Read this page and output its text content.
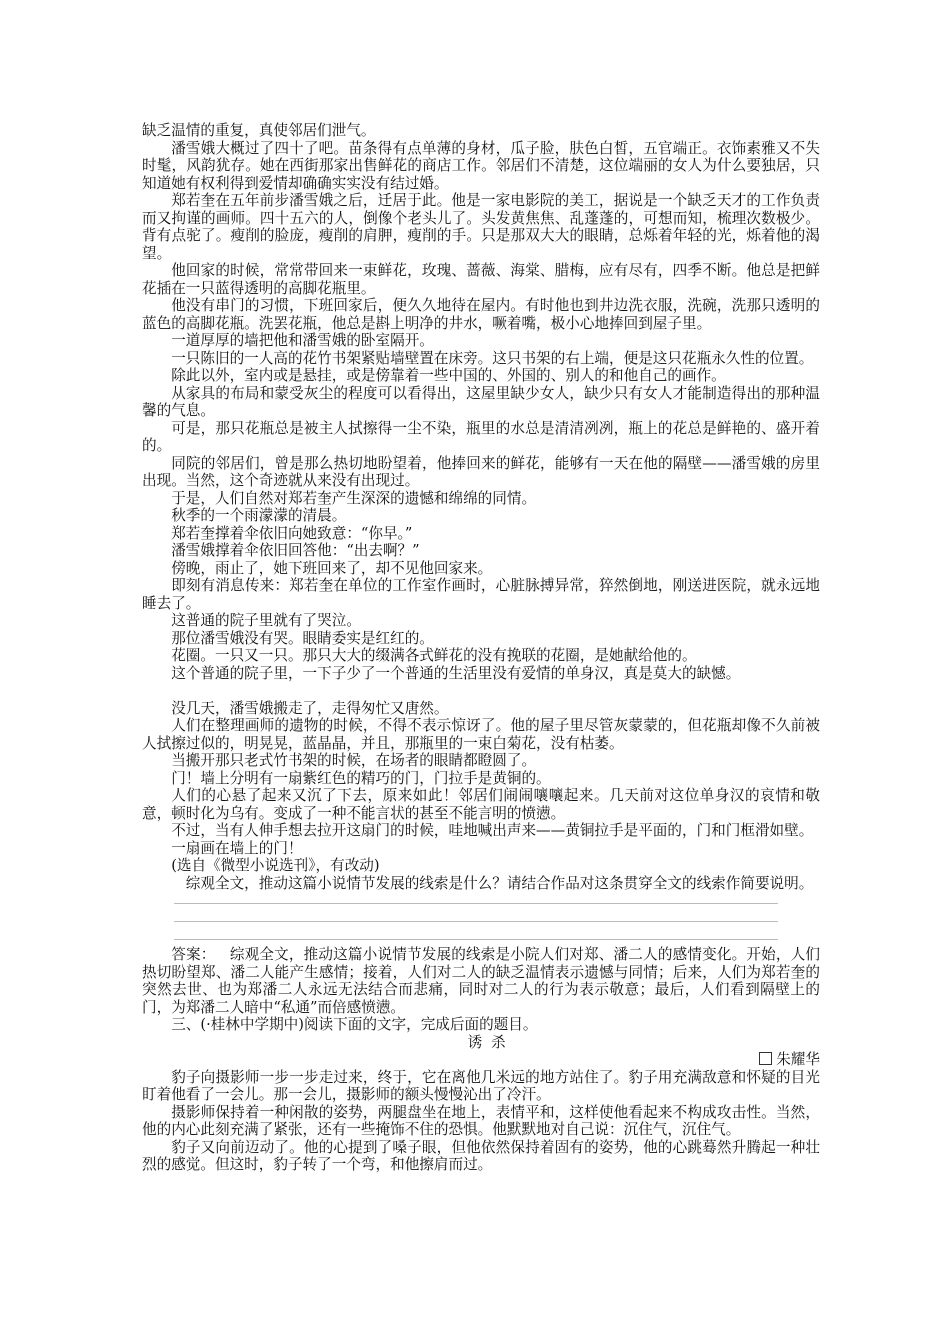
缺乏温情的重复，真使邻居们泄气。

潘雪娥大概过了四十了吧。苗条得有点单薄的身材，瓜子脸，肤色白皙，五官端正。衣饰素雅又不失时髦，风韵犹存。她在西街那家出售鲜花的商店工作。邻居们不清楚，这位端丽的女人为什么要独居，只知道她有权利得到爱情却确确实实没有结过婚。

郑若奎在五年前步潘雪娥之后，迁居于此。他是一家电影院的美工，据说是一个缺乏天才的工作负责而又拘谨的画师。四十五六的人，倒像个老头儿了。头发黄焦焦、乱蓬蓬的，可想而知，梳理次数极少。背有点驼了。瘦削的脸庞，瘦削的肩胛，瘦削的手。只是那双大大的眼睛，总烁着年轻的光，烁着他的渴望。

他回家的时候，常常带回来一束鲜花，玫瑰、蔷薇、海棠、腊梅，应有尽有，四季不断。他总是把鲜花插在一只蓝得透明的高脚花瓶里。

他没有串门的习惯，下班回家后，便久久地待在屋内。有时他也到井边洗衣服，洗碗，洗那只透明的蓝色的高脚花瓶。洗罢花瓶，他总是斟上明净的井水，噘着嘴，极小心地捧回到屋子里。

一道厚厚的墙把他和潘雪娥的卧室隔开。

一只陈旧的一人高的花竹书架紧贴墙壁置在床旁。这只书架的右上端，便是这只花瓶永久性的位置。

除此以外，室内或是悬挂，或是傍靠着一些中国的、外国的、别人的和他自己的画作。

从家具的布局和蒙受灰尘的程度可以看得出，这屋里缺少女人，缺少只有女人才能制造得出的那种温馨的气息。

可是，那只花瓶总是被主人拭擦得一尘不染，瓶里的水总是清清冽冽，瓶上的花总是鲜艳的、盛开着的。

同院的邻居们，曾是那么热切地盼望着，他捧回来的鲜花，能够有一天在他的隔壁——潘雪娥的房里出现。当然，这个奇迹就从来没有出现过。

于是，人们自然对郑若奎产生深深的遗憾和绵绵的同情。

秋季的一个雨濛濛的清晨。

郑若奎撑着伞依旧向她致意：“你早。”

潘雪娥撑着伞依旧回答他：“出去啊？”

傍晚，雨止了，她下班回来了，却不见他回家来。

即刻有消息传来：郑若奎在单位的工作室作画时，心脏脉搏异常，猝然倒地，刚送进医院，就永远地睡去了。

这普通的院子里就有了哭泣。

那位潘雪娥没有哭。眼睛委实是红红的。

花圈。一只又一只。那只大大的缀满各式鲜花的没有挽联的花圈，是她献给他的。

这个普通的院子里，一下子少了一个普通的生活里没有爱情的单身汉，真是莫大的缺憾。

没几天，潘雪娥搬走了，走得匆忙又唐然。

人们在整理画师的遗物的时候，不得不表示惊讶了。他的屋子里尽管灰蒙蒙的，但花瓶却像不久前被人拭擦过似的，明晃晃，蓝晶晶，并且，那瓶里的一束白菊花，没有枯萎。

当搬开那只老式竹书架的时候，在场者的眼睛都瞪圆了。

门！墙上分明有一扇紫红色的精巧的门，门拉手是黄铜的。

人们的心悬了起来又沉了下去，原来如此！邻居们闹闹嚷嚷起来。几天前对这位单身汉的哀情和敬意，顿时化为乌有。变成了一种不能言状的甚至不能言明的愤懑。

不过，当有人伸手想去拉开这扇门的时候，哇地喊出声来——黄铜拉手是平面的，门和门框滑如壁。

一扇画在墙上的门！

(选自《微型小说选刊》，有改动)

综观全文，推动这篇小说情节发展的线索是什么？请结合作品对这条贯穿全文的线索作简要说明。

答案： 综观全文，推动这篇小说情节发展的线索是小院人们对郑、潘二人的感情变化。开始，人们热切盼望郑、潘二人能产生感情；接着，人们对二人的缺乏温情表示遗憾与同情；后来，人们为郑若奎的突然去世、也为郑潘二人永远无法结合而悲痛，同时对二人的行为表示敬意；最后，人们看到隔壁上的门，为郑潘二人暗中“私通”而倍感愤懑。

三、(·桂林中学期中)阅读下面的文字，完成后面的题目。

诱杀

朱耀华

豹子向摄影师一步一步走过来，终于，它在离他几米远的地方站住了。豹子用充满敌意和怀疑的目光盯着他看了一会儿。那一会儿，摄影师的额头慢慢沁出了冷汗。

摄影师保持着一种闲散的姿势，两腿盘坐在地上，表情平和，这样使他看起来不构成攻击性。当然，他的内心此刻充满了紧张，还有一些掩饰不住的恐惧。他默默地对自己说：沉住气，沉住气。

豹子又向前迈动了。他的心提到了嗓子眼，但他依然保持着固有的姿势，他的心跳蓦然升腾起一种壮烈的感觉。但这时，豹子转了一个弯，和他擦肩而过。
